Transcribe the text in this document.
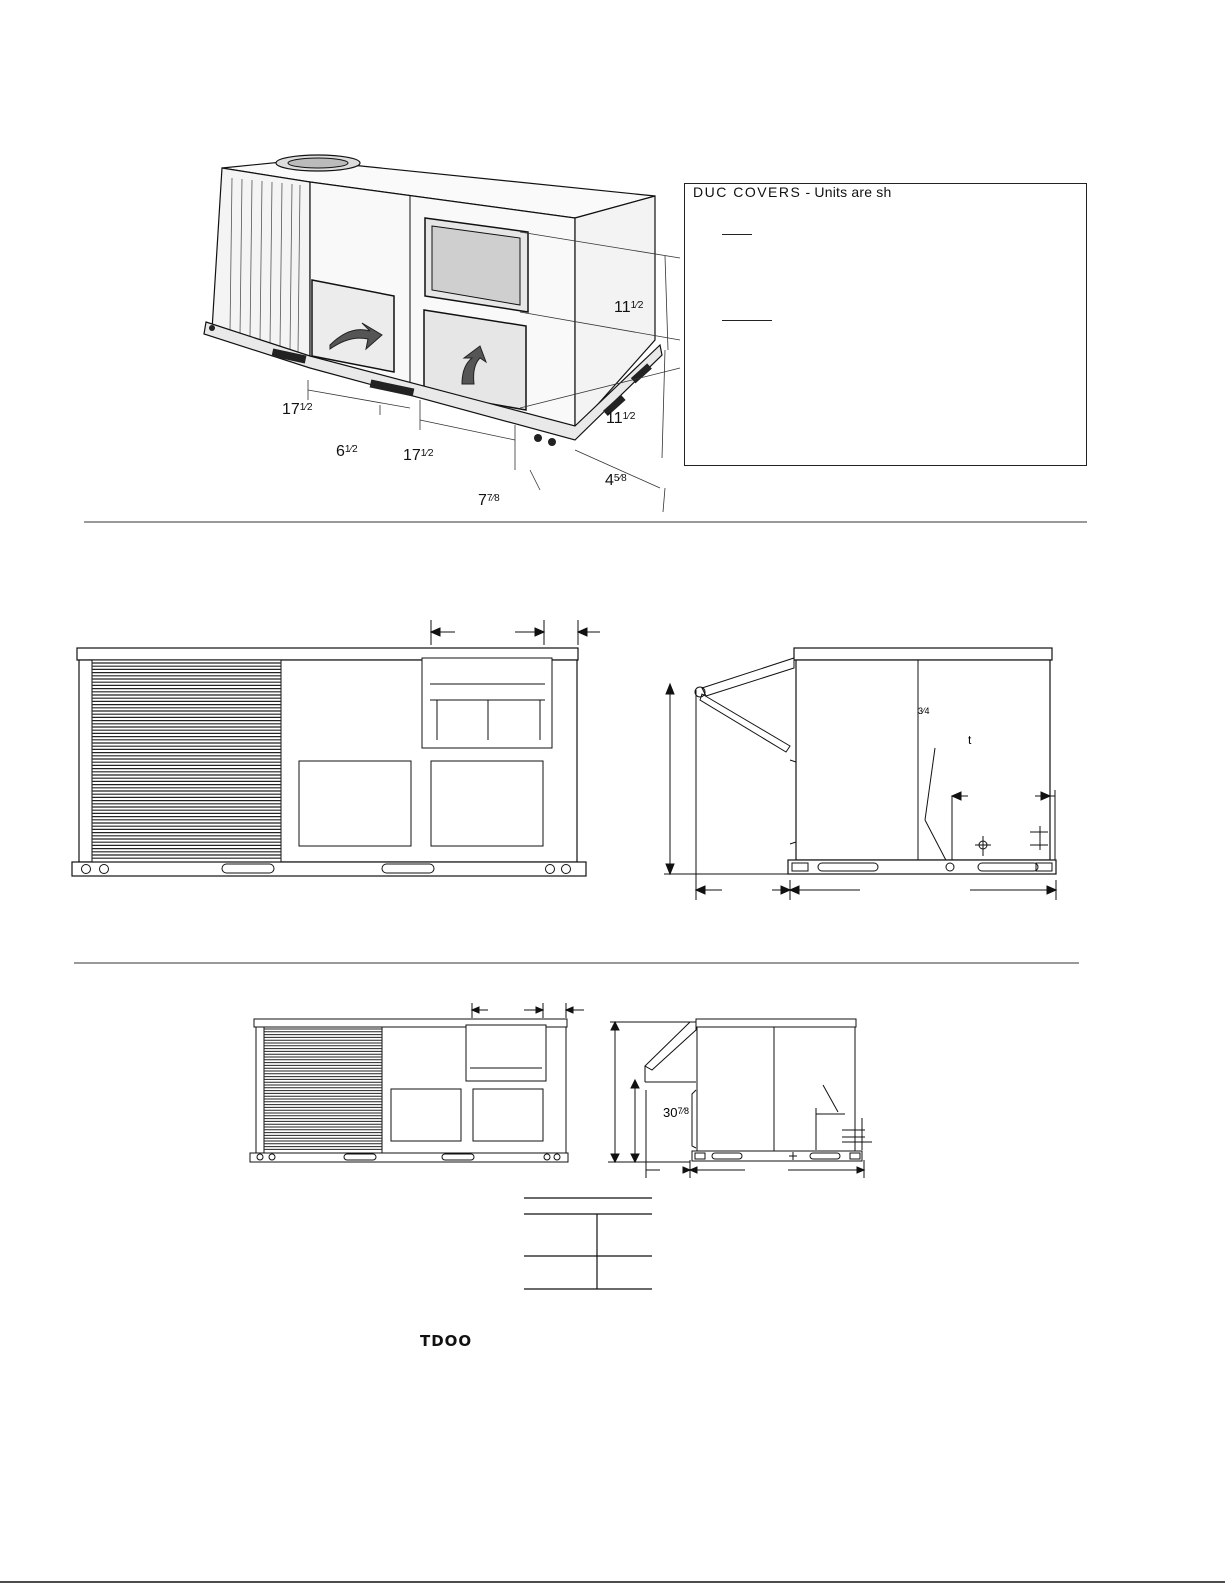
DUC COVERS - Units are sh
$11^{1⁄2}$
$17^{1⁄2}$
$6^{1⁄2}$	$17^{1⁄2}$
$11^{1⁄2}$
$4^{5⁄8}$
$7^{7⁄8}$
3⁄4
t
$30^{7⁄8}$
TDOO
